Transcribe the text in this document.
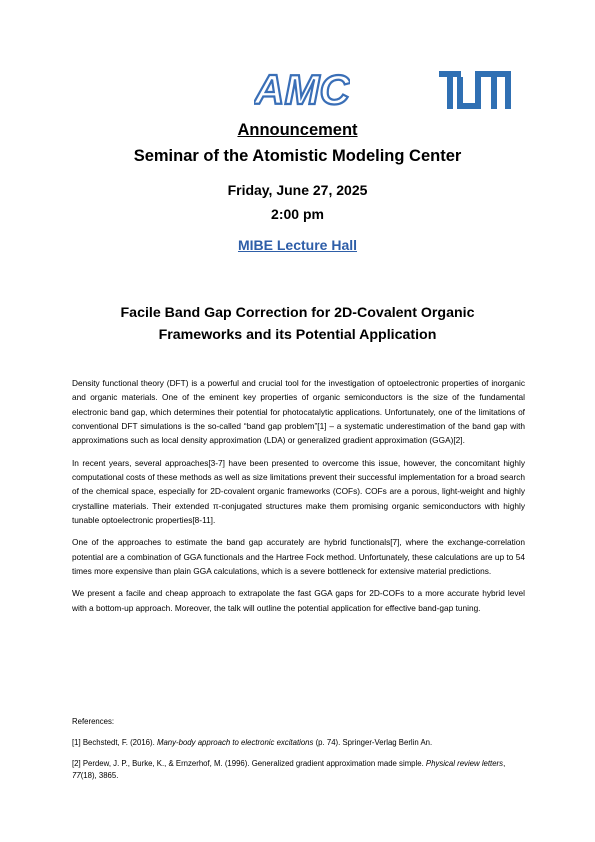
AMC
Announcement
Seminar of the Atomistic Modeling Center
Friday, June 27, 2025
2:00 pm
MIBE Lecture Hall
Facile Band Gap Correction for 2D-Covalent Organic
Frameworks and its Potential Application

Density functional theory (DFT) is a powerful and crucial tool for the investigation of optoelectronic properties of inorganic and organic materials. One of the eminent key properties of organic semiconductors is the size of the fundamental electronic band gap, which determines their potential for photocatalytic applications. Unfortunately, one of the limitations of conventional DFT simulations is the so-called “band gap problem”[1] – a systematic underestimation of the band gap with approximations such as local density approximation (LDA) or generalized gradient approximation (GGA)[2].

In recent years, several approaches[3-7] have been presented to overcome this issue, however, the concomitant highly computational costs of these methods as well as size limitations prevent their successful implementation for a broad search of the chemical space, especially for 2D-covalent organic frameworks (COFs). COFs are a porous, light-weight and highly crystalline materials. Their extended π-conjugated structures make them promising organic semiconductors with highly tunable optoelectronic properties[8-11].

One of the approaches to estimate the band gap accurately are hybrid functionals[7], where the exchange-correlation potential are a combination of GGA functionals and the Hartree Fock method. Unfortunately, these calculations are up to 54 times more expensive than plain GGA calculations, which is a severe bottleneck for extensive material predictions.

We present a facile and cheap approach to extrapolate the fast GGA gaps for 2D-COFs to a more accurate hybrid level with a bottom-up approach. Moreover, the talk will outline the potential application for effective band-gap tuning.

References:
[1] Bechstedt, F. (2016). Many-body approach to electronic excitations (p. 74). Springer-Verlag Berlin An.
[2] Perdew, J. P., Burke, K., & Ernzerhof, M. (1996). Generalized gradient approximation made simple. Physical review letters, 77(18), 3865.
